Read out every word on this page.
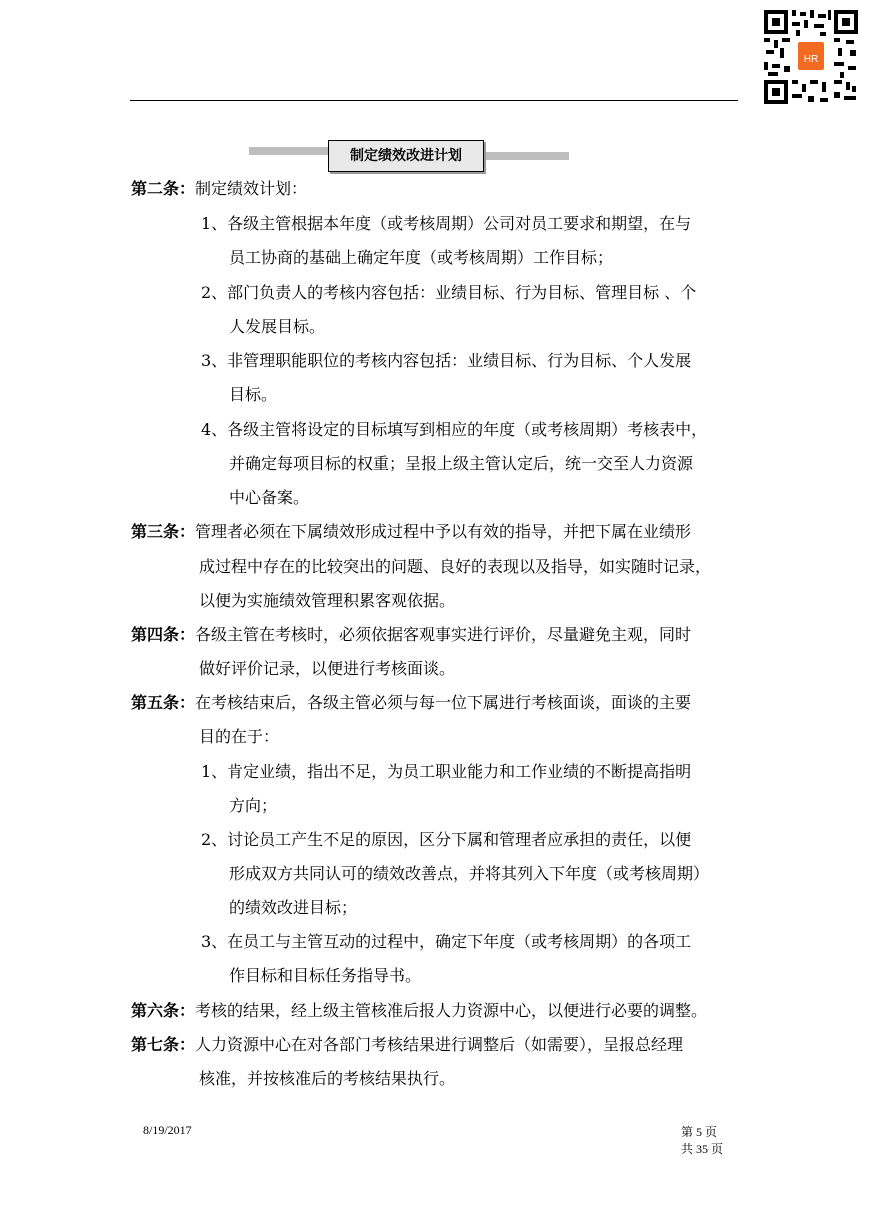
HR
制定绩效改进计划
第二条：制定绩效计划：
1、各级主管根据本年度（或考核周期）公司对员工要求和期望，在与
员工协商的基础上确定年度（或考核周期）工作目标；
2、部门负责人的考核内容包括：业绩目标、行为目标、管理目标 、个
人发展目标。
3、非管理职能职位的考核内容包括：业绩目标、行为目标、个人发展
目标。
4、各级主管将设定的目标填写到相应的年度（或考核周期）考核表中，
并确定每项目标的权重；呈报上级主管认定后，统一交至人力资源
中心备案。
第三条：管理者必须在下属绩效形成过程中予以有效的指导，并把下属在业绩形
成过程中存在的比较突出的问题、良好的表现以及指导，如实随时记录，
以便为实施绩效管理积累客观依据。
第四条：各级主管在考核时，必须依据客观事实进行评价，尽量避免主观，同时
做好评价记录，以便进行考核面谈。
第五条：在考核结束后，各级主管必须与每一位下属进行考核面谈，面谈的主要
目的在于：
1、肯定业绩，指出不足，为员工职业能力和工作业绩的不断提高指明
方向；
2、讨论员工产生不足的原因，区分下属和管理者应承担的责任，以便
形成双方共同认可的绩效改善点，并将其列入下年度（或考核周期）
的绩效改进目标；
3、在员工与主管互动的过程中，确定下年度（或考核周期）的各项工
作目标和目标任务指导书。
第六条：考核的结果，经上级主管核准后报人力资源中心，以便进行必要的调整。
第七条：人力资源中心在对各部门考核结果进行调整后（如需要），呈报总经理
核准，并按核准后的考核结果执行。
8/19/2017	第 5 页
共 35 页
